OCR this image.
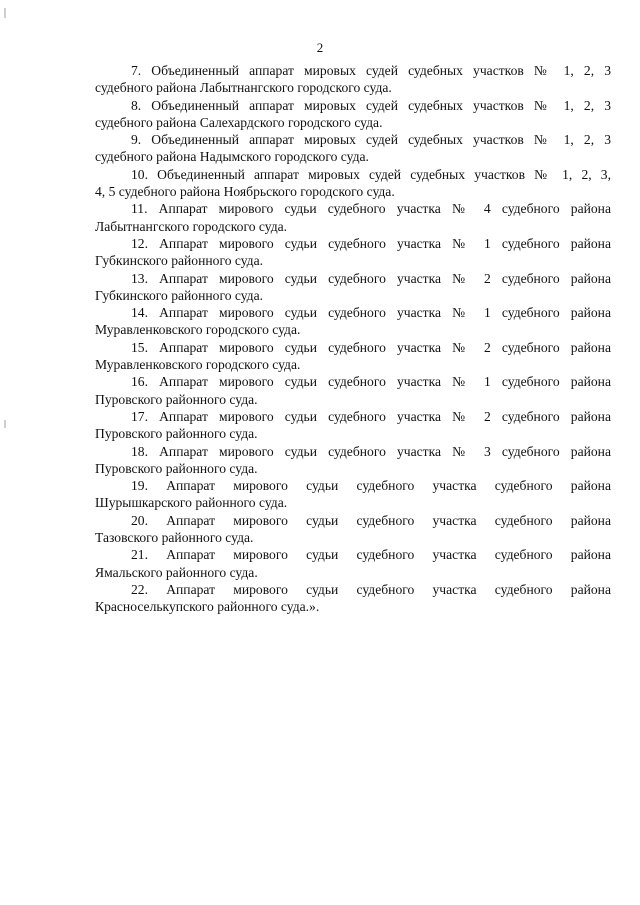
2

7. Объединенный аппарат мировых судей судебных участков № 1, 2, 3
судебного района Лабытнангского городского суда.

8. Объединенный аппарат мировых судей судебных участков № 1, 2, 3
судебного района Салехардского городского суда.

9. Объединенный аппарат мировых судей судебных участков № 1, 2, 3
судебного района Надымского городского суда.

10. Объединенный аппарат мировых судей судебных участков № 1, 2, 3,
4, 5 судебного района Ноябрьского городского суда.

11. Аппарат мирового судьи судебного участка № 4 судебного района
Лабытнангского городского суда.

12. Аппарат мирового судьи судебного участка № 1 судебного района
Губкинского районного суда.

13. Аппарат мирового судьи судебного участка № 2 судебного района
Губкинского районного суда.

14. Аппарат мирового судьи судебного участка № 1 судебного района
Муравленковского городского суда.

15. Аппарат мирового судьи судебного участка № 2 судебного района
Муравленковского городского суда.

16. Аппарат мирового судьи судебного участка № 1 судебного района
Пуровского районного суда.

17. Аппарат мирового судьи судебного участка № 2 судебного района
Пуровского районного суда.

18. Аппарат мирового судьи судебного участка № 3 судебного района
Пуровского районного суда.

19. Аппарат мирового судьи судебного участка судебного района
Шурышкарского районного суда.

20. Аппарат мирового судьи судебного участка судебного района
Тазовского районного суда.

21. Аппарат мирового судьи судебного участка судебного района
Ямальского районного суда.

22. Аппарат мирового судьи судебного участка судебного района
Красноселькупского районного суда.».
